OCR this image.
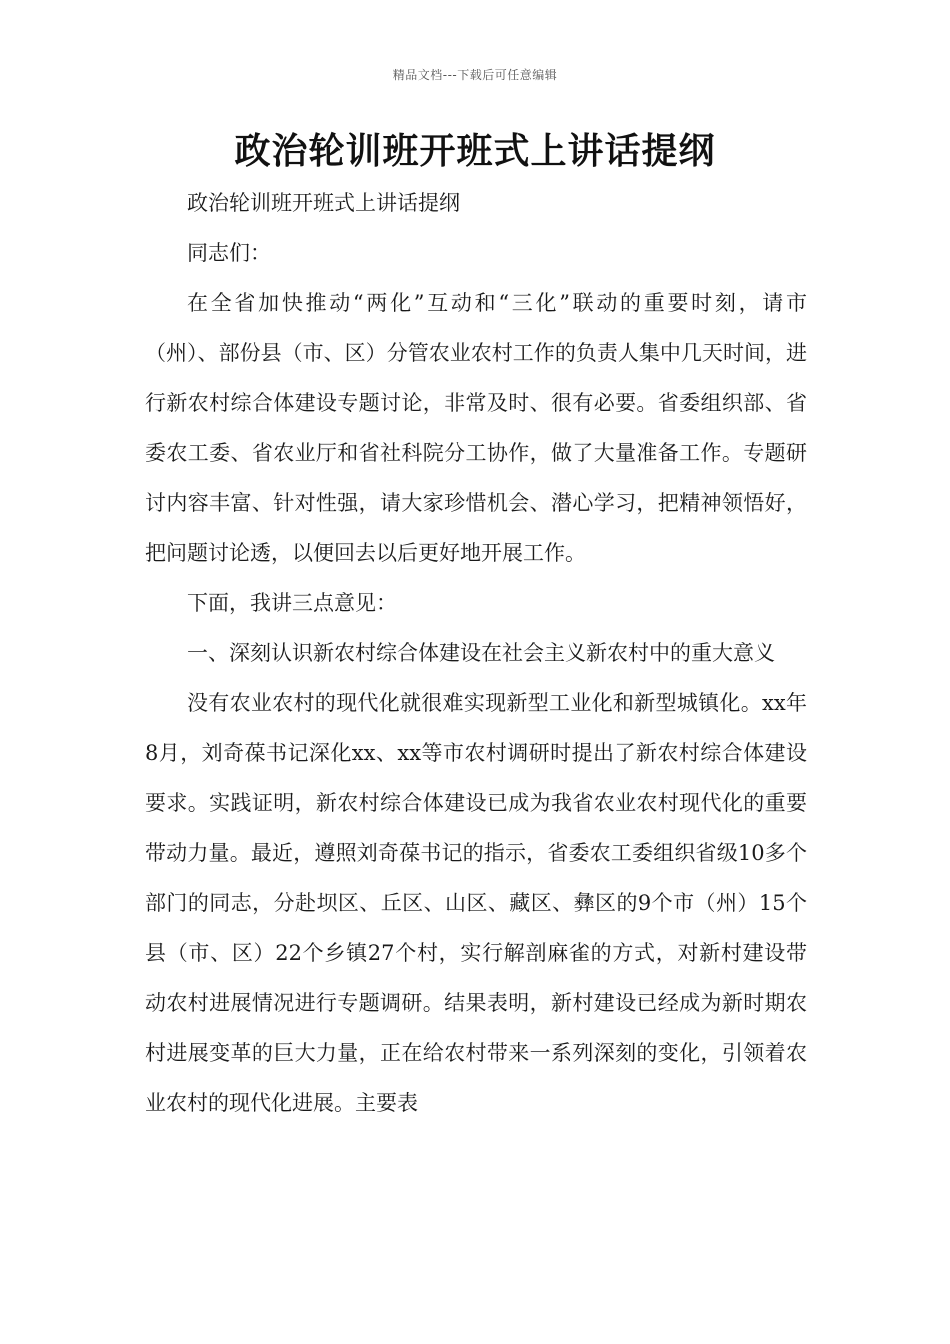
精品文档---下载后可任意编辑
政治轮训班开班式上讲话提纲

政治轮训班开班式上讲话提纲

同志们：

在全省加快推动“两化”互动和“三化”联动的重要时刻，请市（州）、部份县（市、区）分管农业农村工作的负责人集中几天时间，进行新农村综合体建设专题讨论，非常及时、很有必要。省委组织部、省委农工委、省农业厅和省社科院分工协作，做了大量准备工作。专题研讨内容丰富、针对性强，请大家珍惜机会、潜心学习，把精神领悟好，把问题讨论透，以便回去以后更好地开展工作。

下面，我讲三点意见：

一、深刻认识新农村综合体建设在社会主义新农村中的重大意义

没有农业农村的现代化就很难实现新型工业化和新型城镇化。xx年8月，刘奇葆书记深化xx、xx等市农村调研时提出了新农村综合体建设要求。实践证明，新农村综合体建设已成为我省农业农村现代化的重要带动力量。最近，遵照刘奇葆书记的指示，省委农工委组织省级10多个部门的同志，分赴坝区、丘区、山区、藏区、彝区的9个市（州）15个县（市、区）22个乡镇27个村，实行解剖麻雀的方式，对新村建设带动农村进展情况进行专题调研。结果表明，新村建设已经成为新时期农村进展变革的巨大力量，正在给农村带来一系列深刻的变化，引领着农业农村的现代化进展。主要表
